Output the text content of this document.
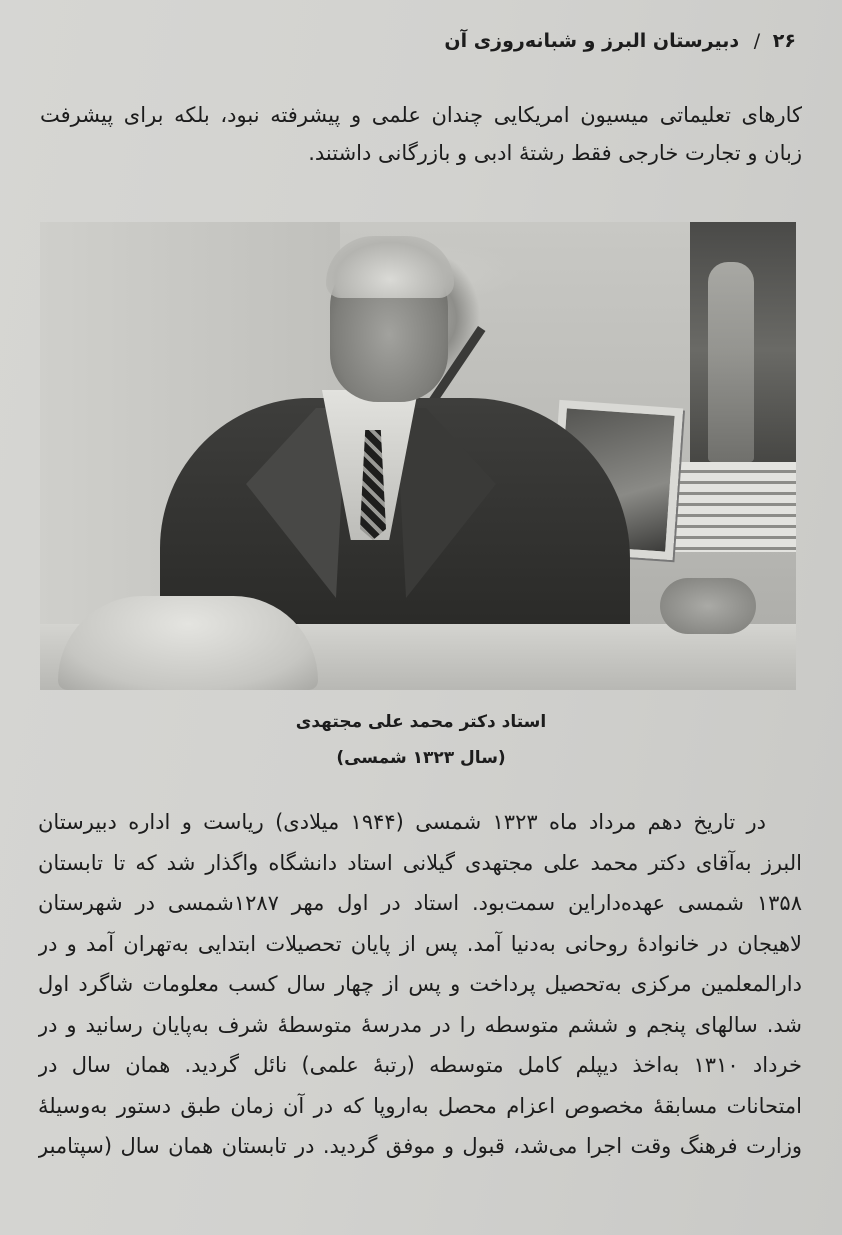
۲۶ / دبیرستان البرز و شبانه‌روزی آن
کارهای تعلیماتی میسیون امریکایی چندان علمی و پیشرفته نبود، بلکه برای پیشرفت زبان و تجارت خارجی فقط رشتهٔ ادبی و بازرگانی داشتند.
استاد دکتر محمد علی مجتهدی
(سال ۱۳۲۳ شمسی)
در تاریخ دهم مرداد ماه ۱۳۲۳ شمسی (۱۹۴۴ میلادی) ریاست و اداره دبیرستان
البرز به‌آقای دکتر محمد علی مجتهدی گیلانی استاد دانشگاه واگذار شد که تا تابستان
۱۳۵۸ شمسی عهده‌داراین سمت‌بود. استاد در اول مهر ۱۲۸۷شمسی در شهرستان
لاهیجان در خانوادهٔ روحانی به‌دنیا آمد. پس از پایان تحصیلات ابتدایی به‌تهران آمد و در
دارالمعلمین مرکزی به‌تحصیل پرداخت و پس از چهار سال کسب معلومات شاگرد اول
شد. سالهای پنجم و ششم متوسطه را در مدرسهٔ متوسطهٔ شرف به‌پایان رسانید و در
خرداد ۱۳۱۰ به‌اخذ دیپلم کامل متوسطه (رتبهٔ علمی) نائل گردید. همان سال در
امتحانات مسابقهٔ مخصوص اعزام محصل به‌اروپا که در آن زمان طبق دستور به‌وسیلهٔ
وزارت فرهنگ وقت اجرا می‌شد، قبول و موفق گردید. در تابستان همان سال (سپتامبر
